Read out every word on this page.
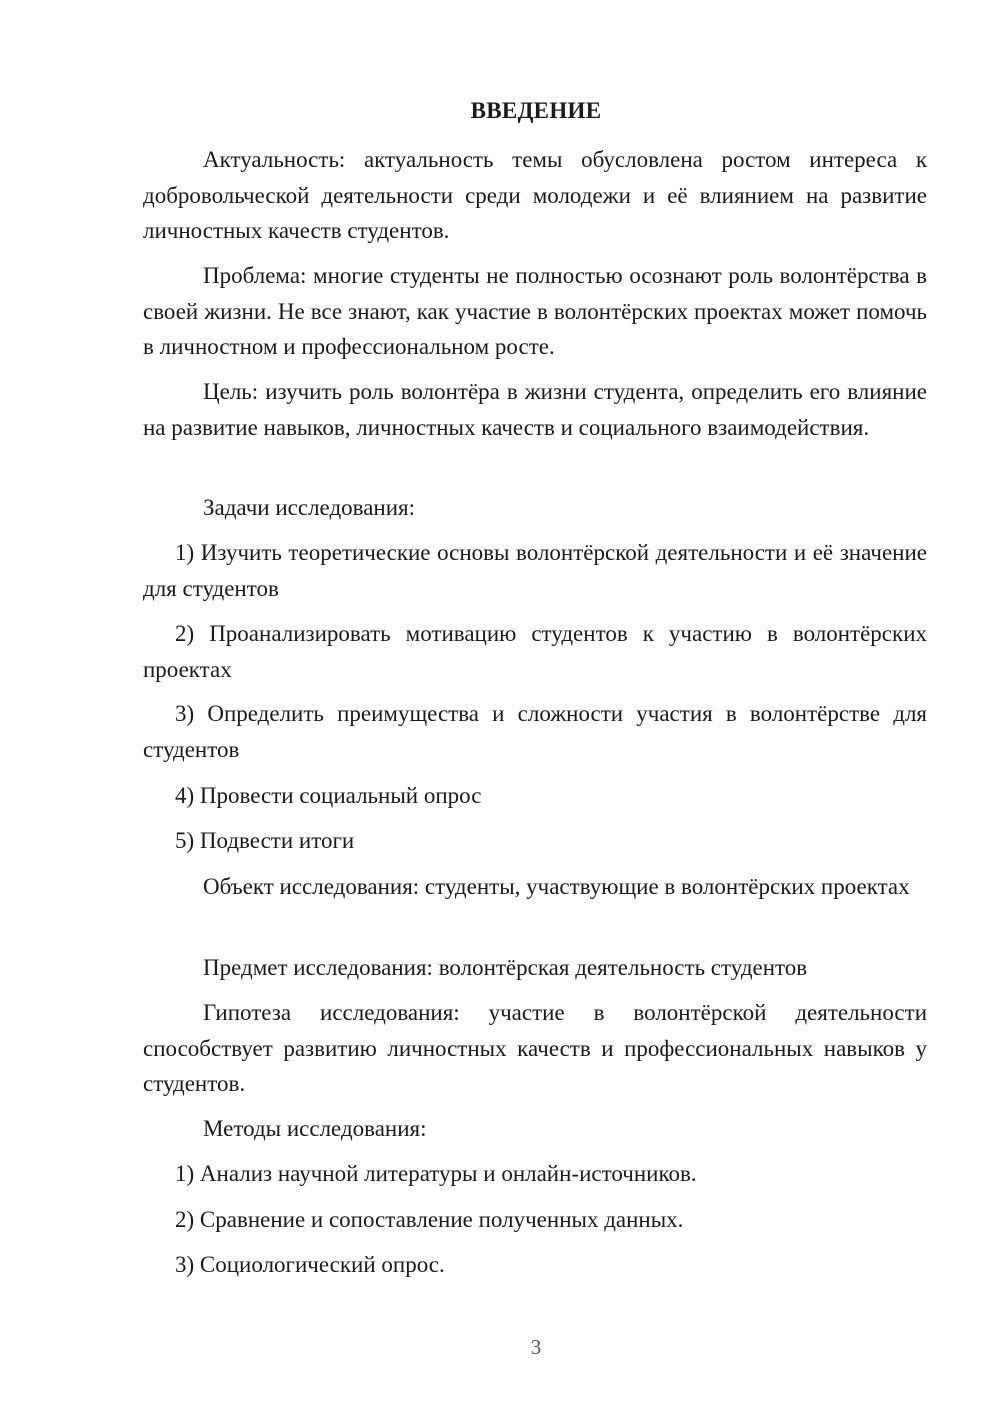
ВВЕДЕНИЕ

Актуальность: актуальность темы обусловлена ростом интереса к добровольческой деятельности среди молодежи и её влиянием на развитие личностных качеств студентов.

Проблема: многие студенты не полностью осознают роль волонтёрства в своей жизни. Не все знают, как участие в волонтёрских проектах может помочь в личностном и профессиональном росте.

Цель: изучить роль волонтёра в жизни студента, определить его влияние на развитие навыков, личностных качеств и социального взаимодействия.

Задачи исследования:

1) Изучить теоретические основы волонтёрской деятельности и её значение для студентов

2) Проанализировать мотивацию студентов к участию в волонтёрских проектах

3) Определить преимущества и сложности участия в волонтёрстве для студентов

4) Провести социальный опрос

5) Подвести итоги

Объект исследования: студенты, участвующие в волонтёрских проектах

Предмет исследования: волонтёрская деятельность студентов

Гипотеза исследования: участие в волонтёрской деятельности способствует развитию личностных качеств и профессиональных навыков у студентов.

Методы исследования:

1) Анализ научной литературы и онлайн-источников.

2) Сравнение и сопоставление полученных данных.

3) Социологический опрос.

3
